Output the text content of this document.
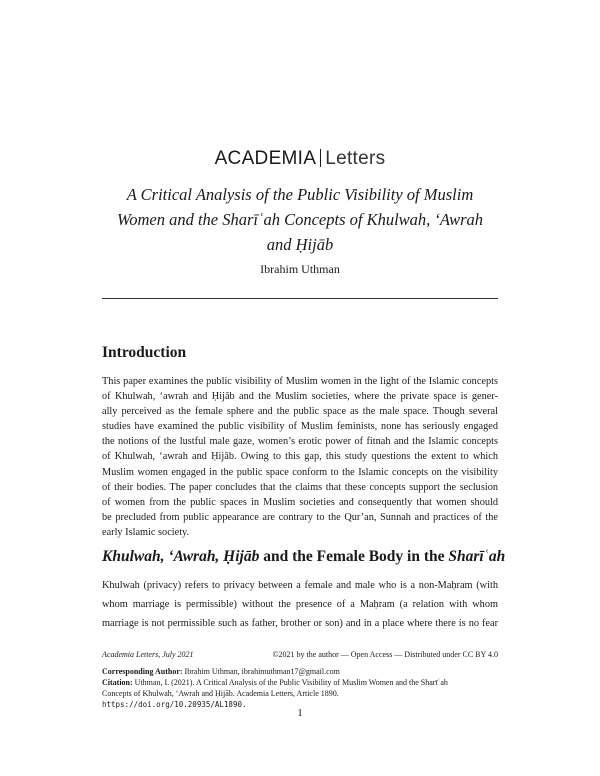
ACADEMIA Letters
A Critical Analysis of the Public Visibility of Muslim
Women and the Sharīʿah Concepts of Khulwah, ‘Awrah
and Ḥijāb
Ibrahim Uthman
Introduction
This paper examines the public visibility of Muslim women in the light of the Islamic concepts
of Khulwah, ‘awrah and Ḥijāb and the Muslim societies, where the private space is gener-
ally perceived as the female sphere and the public space as the male space. Though several
studies have examined the public visibility of Muslim feminists, none has seriously engaged
the notions of the lustful male gaze, women’s erotic power of fitnah and the Islamic concepts
of Khulwah, ‘awrah and Ḥijāb. Owing to this gap, this study questions the extent to which
Muslim women engaged in the public space conform to the Islamic concepts on the visibility
of their bodies. The paper concludes that the claims that these concepts support the seclusion
of women from the public spaces in Muslim societies and consequently that women should
be precluded from public appearance are contrary to the Qur’an, Sunnah and practices of the
early Islamic society.
Khulwah, ‘Awrah, Ḥijāb and the Female Body in the Sharīʿah
Khulwah (privacy) refers to privacy between a female and male who is a non-Maḥram (with
whom marriage is permissible) without the presence of a Maḥram (a relation with whom
marriage is not permissible such as father, brother or son) and in a place where there is no fear
Academia Letters, July 2021	©2021 by the author — Open Access — Distributed under CC BY 4.0
Corresponding Author: Ibrahim Uthman, ibrahimuthman17@gmail.com
Citation: Uthman, I. (2021). A Critical Analysis of the Public Visibility of Muslim Women and the Sharīʿah
Concepts of Khulwah, ‘Awrah and Ḥijāb. Academia Letters, Article 1890.
https://doi.org/10.20935/AL1890.
1
